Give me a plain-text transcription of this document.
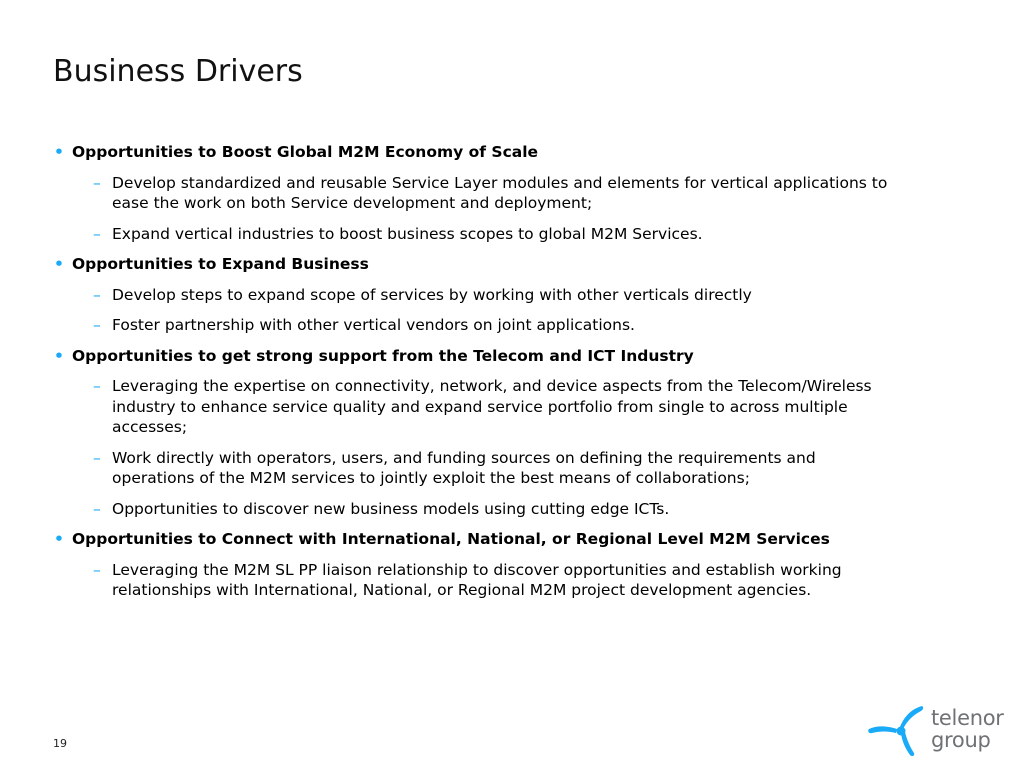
Business Drivers
• Opportunities to Boost Global M2M Economy of Scale
– Develop standardized and reusable Service Layer modules and elements for vertical applications to ease the work on both Service development and deployment;
– Expand vertical industries to boost business scopes to global M2M Services.
• Opportunities to Expand Business
– Develop steps to expand scope of services by working with other verticals directly
– Foster partnership with other vertical vendors on joint applications.
• Opportunities to get strong support from the Telecom and ICT Industry
– Leveraging the expertise on connectivity, network, and device aspects from the Telecom/Wireless industry to enhance service quality and expand service portfolio from single to across multiple accesses;
– Work directly with operators, users, and funding sources on defining the requirements and operations of the M2M services to jointly exploit the best means of collaborations;
– Opportunities to discover new business models using cutting edge ICTs.
• Opportunities to Connect with International, National, or Regional Level M2M Services
– Leveraging the M2M SL PP liaison relationship to discover opportunities and establish working relationships with International, National, or Regional M2M project development agencies.
19
telenor
group
